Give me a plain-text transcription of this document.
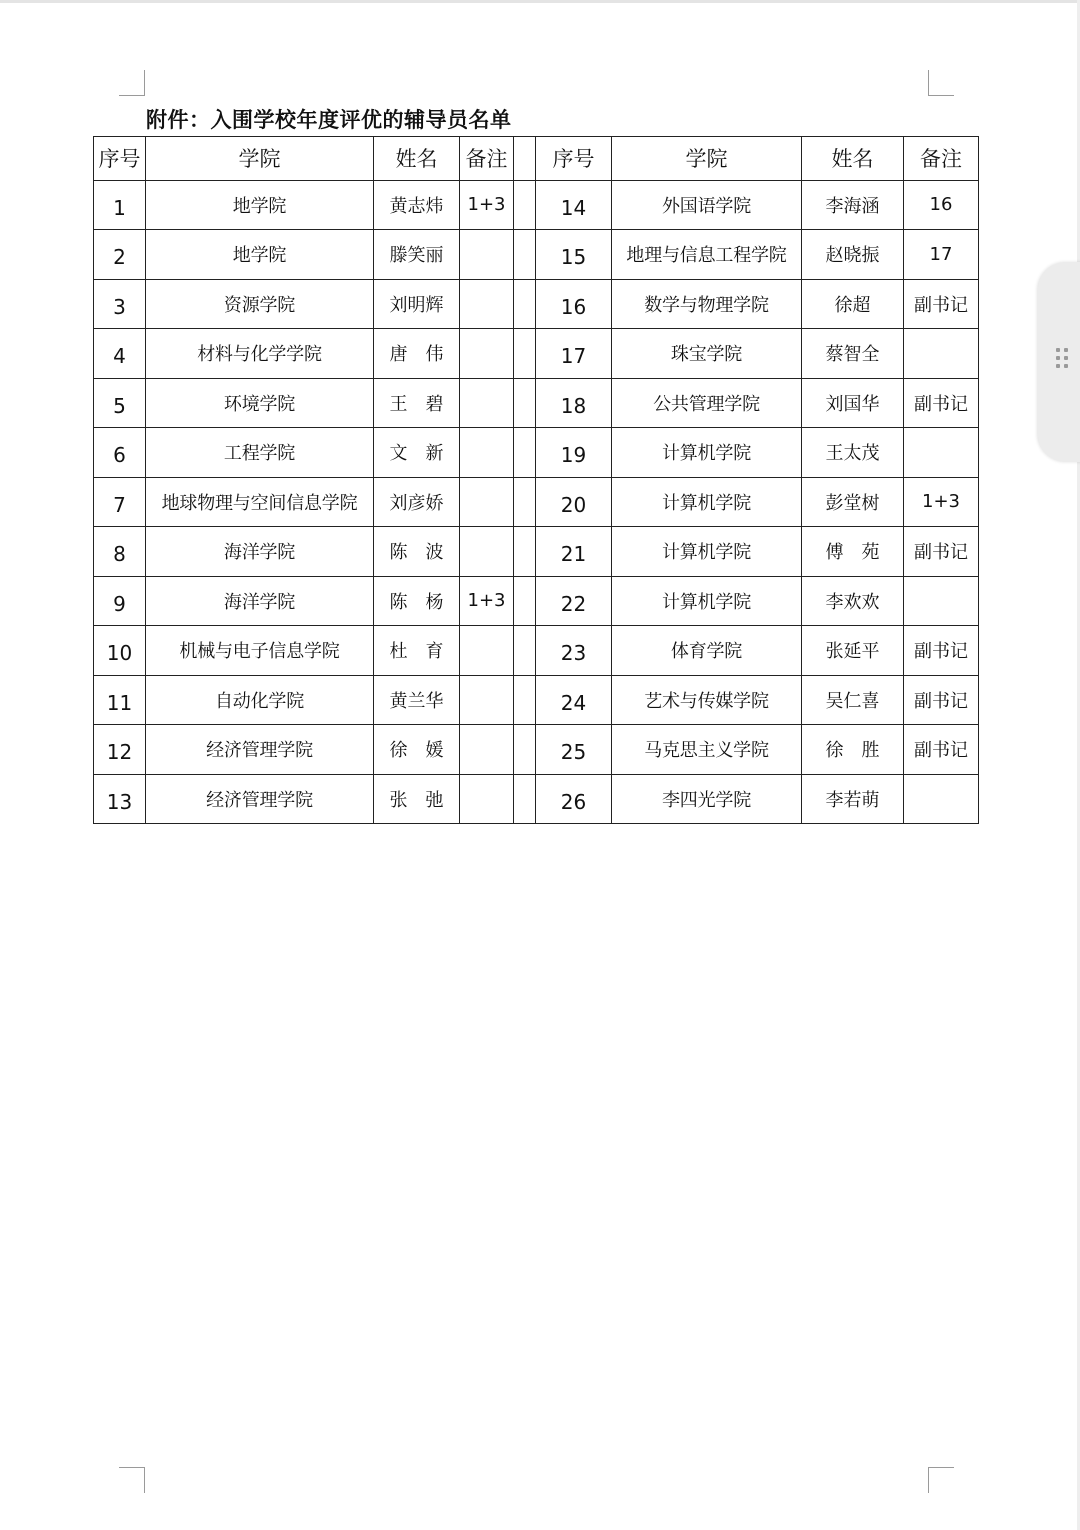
附件：入围学校年度评优的辅导员名单
序号	学院	姓名	备注		序号	学院	姓名	备注
1	地学院	黄志炜	1+3		14	外国语学院	李海涵	16
2	地学院	滕笑丽			15	地理与信息工程学院	赵晓振	17
3	资源学院	刘明辉			16	数学与物理学院	徐超	副书记
4	材料与化学学院	唐　伟			17	珠宝学院	蔡智全	
5	环境学院	王　碧			18	公共管理学院	刘国华	副书记
6	工程学院	文　新			19	计算机学院	王太茂	
7	地球物理与空间信息学院	刘彦娇			20	计算机学院	彭堂树	1+3
8	海洋学院	陈　波			21	计算机学院	傅　苑	副书记
9	海洋学院	陈　杨	1+3		22	计算机学院	李欢欢	
10	机械与电子信息学院	杜　育			23	体育学院	张延平	副书记
11	自动化学院	黄兰华			24	艺术与传媒学院	吴仁喜	副书记
12	经济管理学院	徐　媛			25	马克思主义学院	徐　胜	副书记
13	经济管理学院	张　弛			26	李四光学院	李若萌	
